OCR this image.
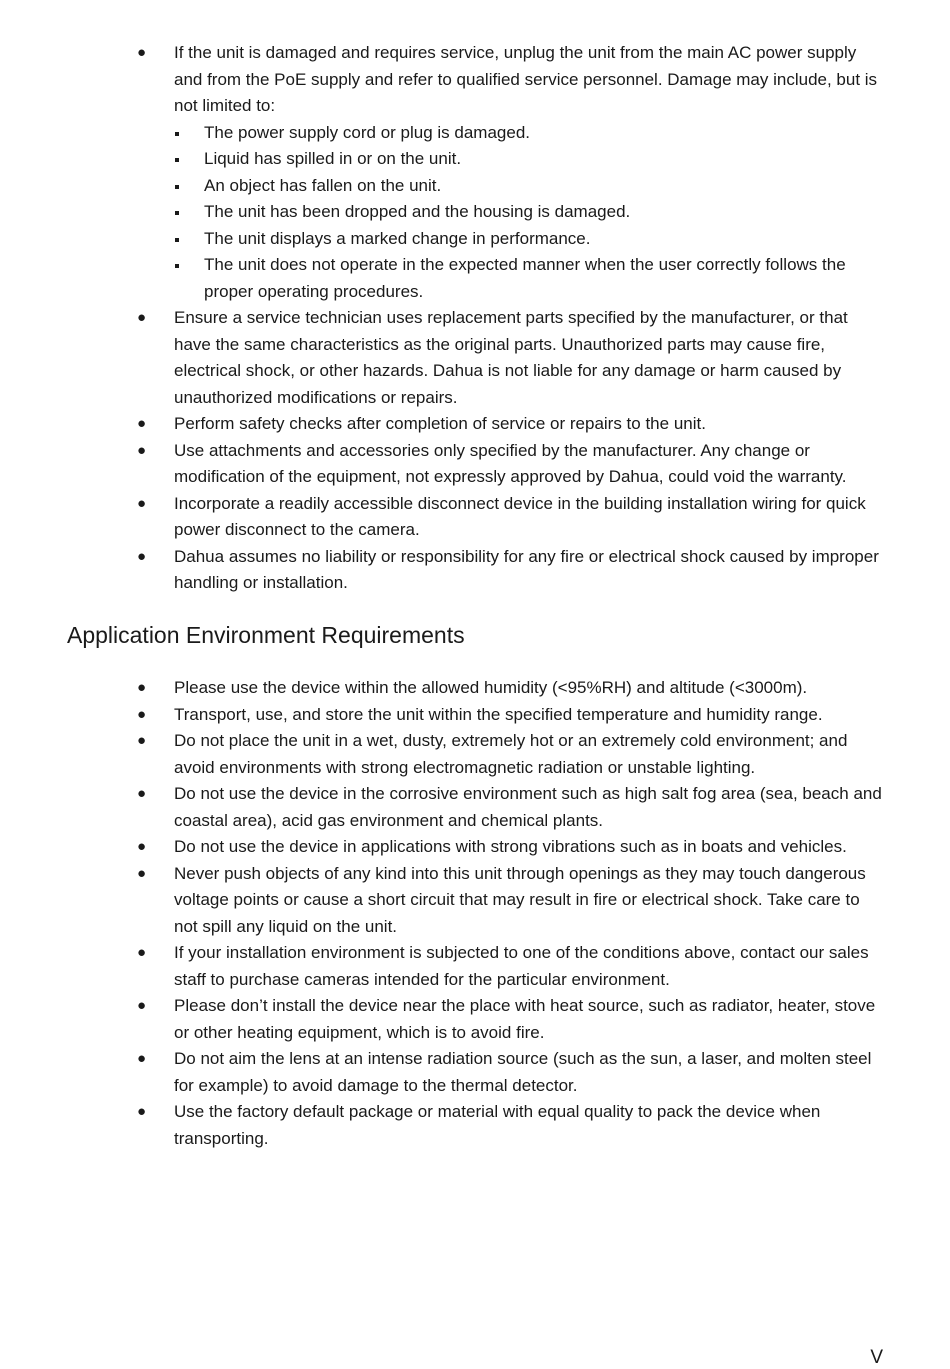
● If the unit is damaged and requires service, unplug the unit from the main AC power supply and from the PoE supply and refer to qualified service personnel. Damage may include, but is not limited to:
The power supply cord or plug is damaged.
Liquid has spilled in or on the unit.
An object has fallen on the unit.
The unit has been dropped and the housing is damaged.
The unit displays a marked change in performance.
The unit does not operate in the expected manner when the user correctly follows the proper operating procedures.
● Ensure a service technician uses replacement parts specified by the manufacturer, or that have the same characteristics as the original parts. Unauthorized parts may cause fire, electrical shock, or other hazards. Dahua is not liable for any damage or harm caused by unauthorized modifications or repairs.
● Perform safety checks after completion of service or repairs to the unit.
● Use attachments and accessories only specified by the manufacturer. Any change or modification of the equipment, not expressly approved by Dahua, could void the warranty.
● Incorporate a readily accessible disconnect device in the building installation wiring for quick power disconnect to the camera.
● Dahua assumes no liability or responsibility for any fire or electrical shock caused by improper handling or installation.
Application Environment Requirements
● Please use the device within the allowed humidity (<95%RH) and altitude (<3000m).
● Transport, use, and store the unit within the specified temperature and humidity range.
● Do not place the unit in a wet, dusty, extremely hot or an extremely cold environment; and avoid environments with strong electromagnetic radiation or unstable lighting.
● Do not use the device in the corrosive environment such as high salt fog area (sea, beach and coastal area), acid gas environment and chemical plants.
● Do not use the device in applications with strong vibrations such as in boats and vehicles.
● Never push objects of any kind into this unit through openings as they may touch dangerous voltage points or cause a short circuit that may result in fire or electrical shock. Take care to not spill any liquid on the unit.
● If your installation environment is subjected to one of the conditions above, contact our sales staff to purchase cameras intended for the particular environment.
● Please don’t install the device near the place with heat source, such as radiator, heater, stove or other heating equipment, which is to avoid fire.
● Do not aim the lens at an intense radiation source (such as the sun, a laser, and molten steel for example) to avoid damage to the thermal detector.
● Use the factory default package or material with equal quality to pack the device when transporting.
V
